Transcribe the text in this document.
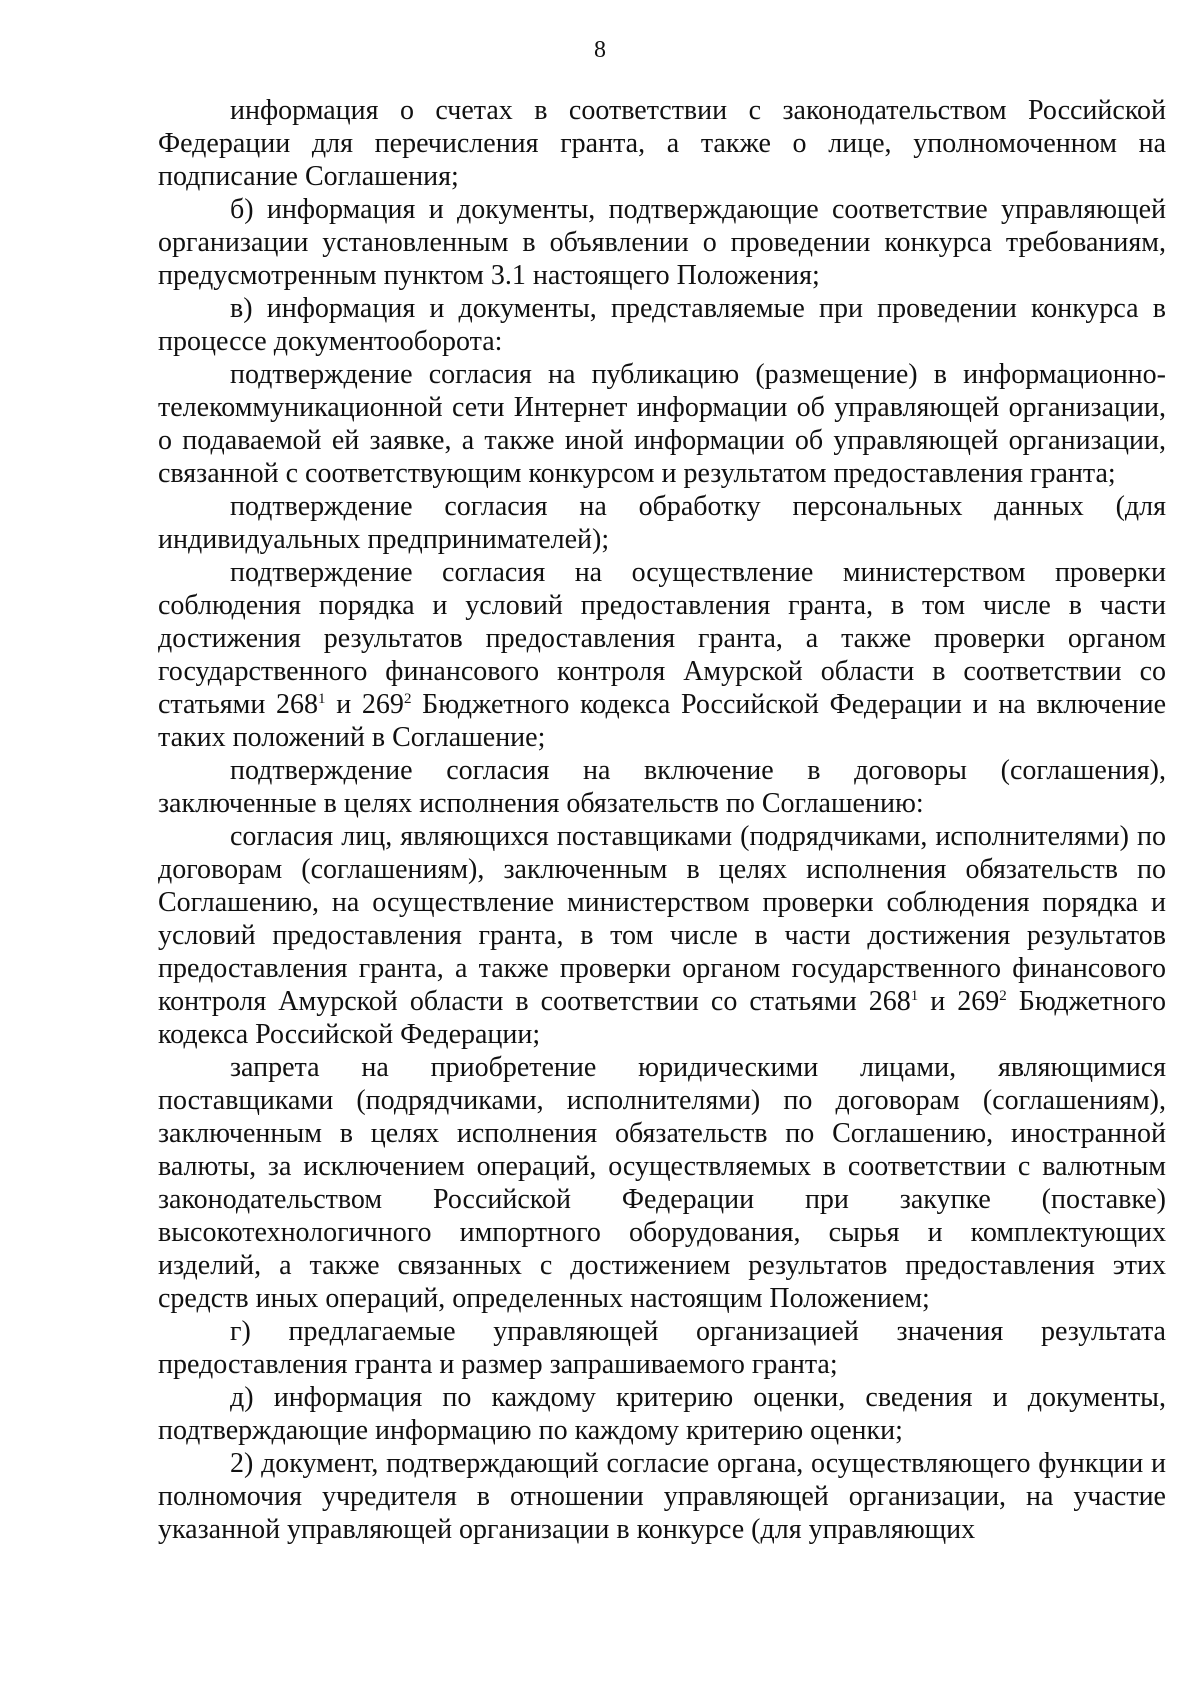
8

информация о счетах в соответствии с законодательством Российской Федерации для перечисления гранта, а также о лице, уполномоченном на подписание Соглашения;

б) информация и документы, подтверждающие соответствие управляющей организации установленным в объявлении о проведении конкурса требованиям, предусмотренным пунктом 3.1 настоящего Положения;

в) информация и документы, представляемые при проведении конкурса в процессе документооборота:

подтверждение согласия на публикацию (размещение) в информационно-телекоммуникационной сети Интернет информации об управляющей организации, о подаваемой ей заявке, а также иной информации об управляющей организации, связанной с соответствующим конкурсом и результатом предоставления гранта;

подтверждение согласия на обработку персональных данных (для индивидуальных предпринимателей);

подтверждение согласия на осуществление министерством проверки соблюдения порядка и условий предоставления гранта, в том числе в части достижения результатов предоставления гранта, а также проверки органом государственного финансового контроля Амурской области в соответствии со статьями $268^1$ и $269^2$ Бюджетного кодекса Российской Федерации и на включение таких положений в Соглашение;

подтверждение согласия на включение в договоры (соглашения), заключенные в целях исполнения обязательств по Соглашению:

согласия лиц, являющихся поставщиками (подрядчиками, исполнителями) по договорам (соглашениям), заключенным в целях исполнения обязательств по Соглашению, на осуществление министерством проверки соблюдения порядка и условий предоставления гранта, в том числе в части достижения результатов предоставления гранта, а также проверки органом государственного финансового контроля Амурской области в соответствии со статьями $268^1$ и $269^2$ Бюджетного кодекса Российской Федерации;

запрета на приобретение юридическими лицами, являющимися поставщиками (подрядчиками, исполнителями) по договорам (соглашениям), заключенным в целях исполнения обязательств по Соглашению, иностранной валюты, за исключением операций, осуществляемых в соответствии с валютным законодательством Российской Федерации при закупке (поставке) высокотехнологичного импортного оборудования, сырья и комплектующих изделий, а также связанных с достижением результатов предоставления этих средств иных операций, определенных настоящим Положением;

г) предлагаемые управляющей организацией значения результата предоставления гранта и размер запрашиваемого гранта;

д) информация по каждому критерию оценки, сведения и документы, подтверждающие информацию по каждому критерию оценки;

2) документ, подтверждающий согласие органа, осуществляющего функции и полномочия учредителя в отношении управляющей организации, на участие указанной управляющей организации в конкурсе (для управляющих
